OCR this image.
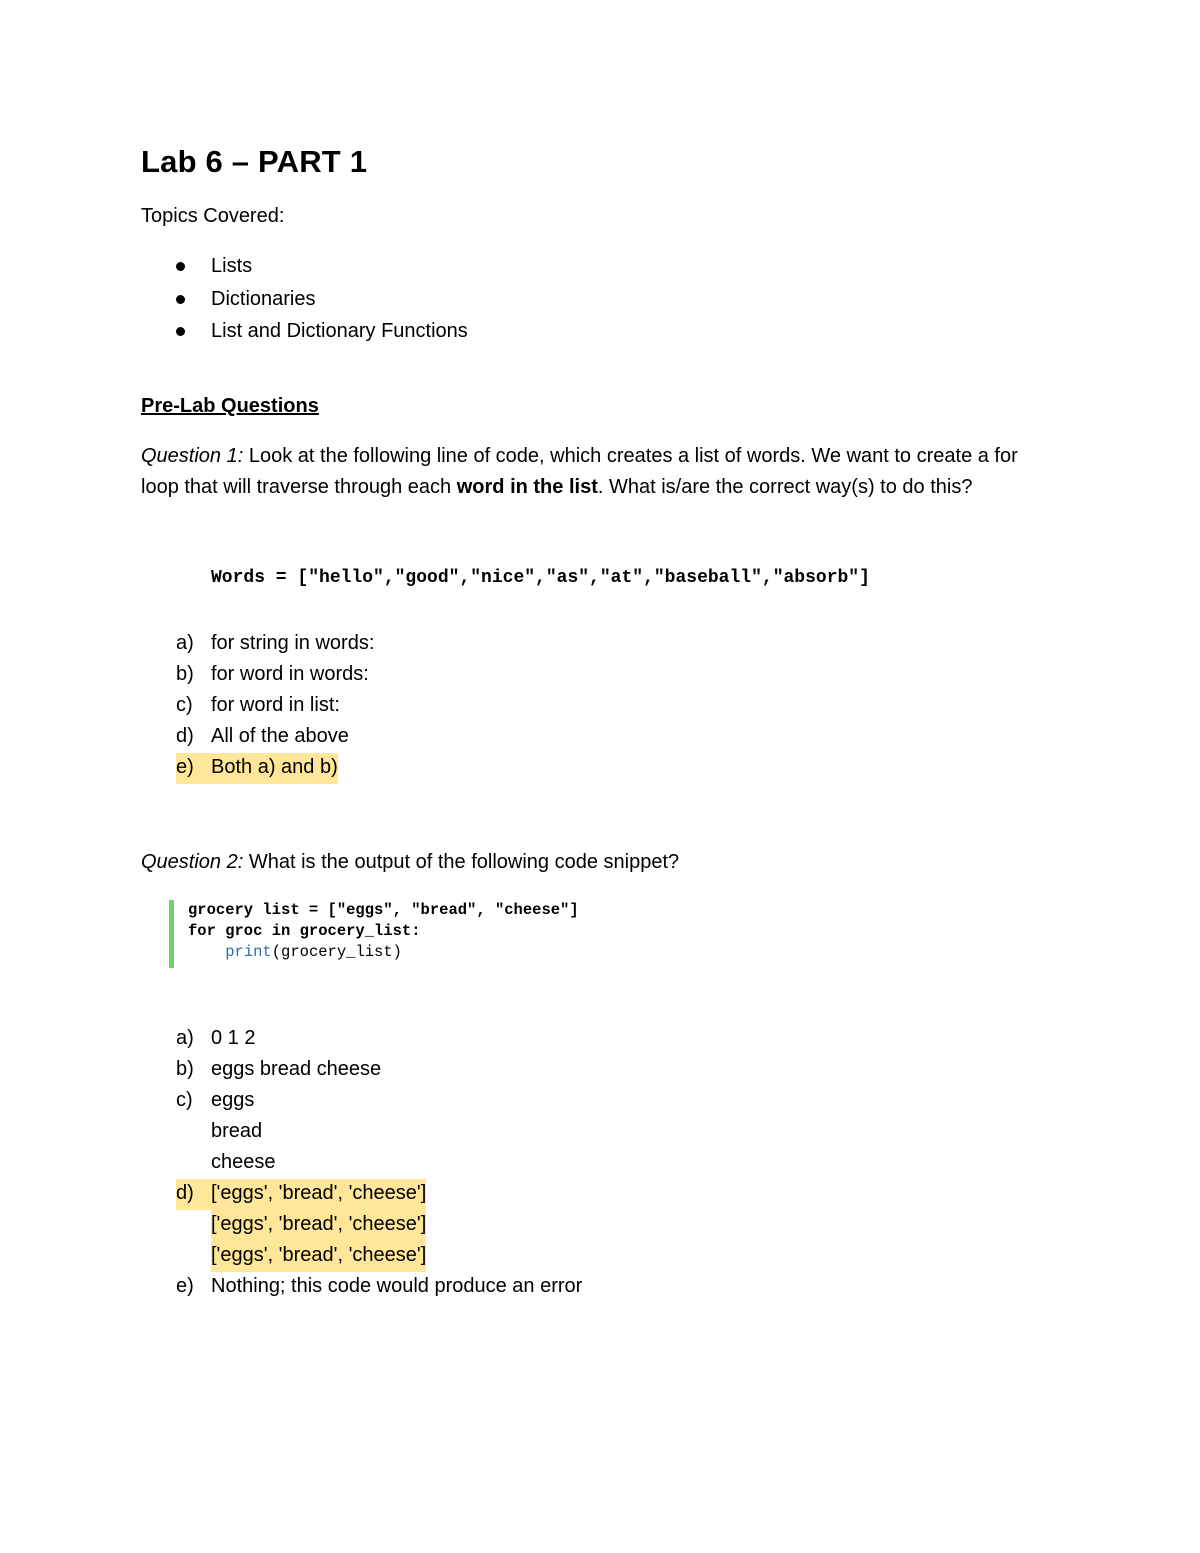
Lab 6 – PART 1
Topics Covered:
Lists
Dictionaries
List and Dictionary Functions
Pre-Lab Questions
Question 1: Look at the following line of code, which creates a list of words. We want to create a for loop that will traverse through each word in the list. What is/are the correct way(s) to do this?
Words = ["hello","good","nice","as","at","baseball","absorb"]
a) for string in words:
b) for word in words:
c) for word in list:
d) All of the above
e) Both a) and b)
Question 2: What is the output of the following code snippet?
grocery list = ["eggs", "bread", "cheese"]
for groc in grocery_list:
print(grocery_list)
a) 0 1 2
b) eggs bread cheese
c) eggs
bread
cheese
d) ['eggs', 'bread', 'cheese']
['eggs', 'bread', 'cheese']
['eggs', 'bread', 'cheese']
e) Nothing; this code would produce an error
